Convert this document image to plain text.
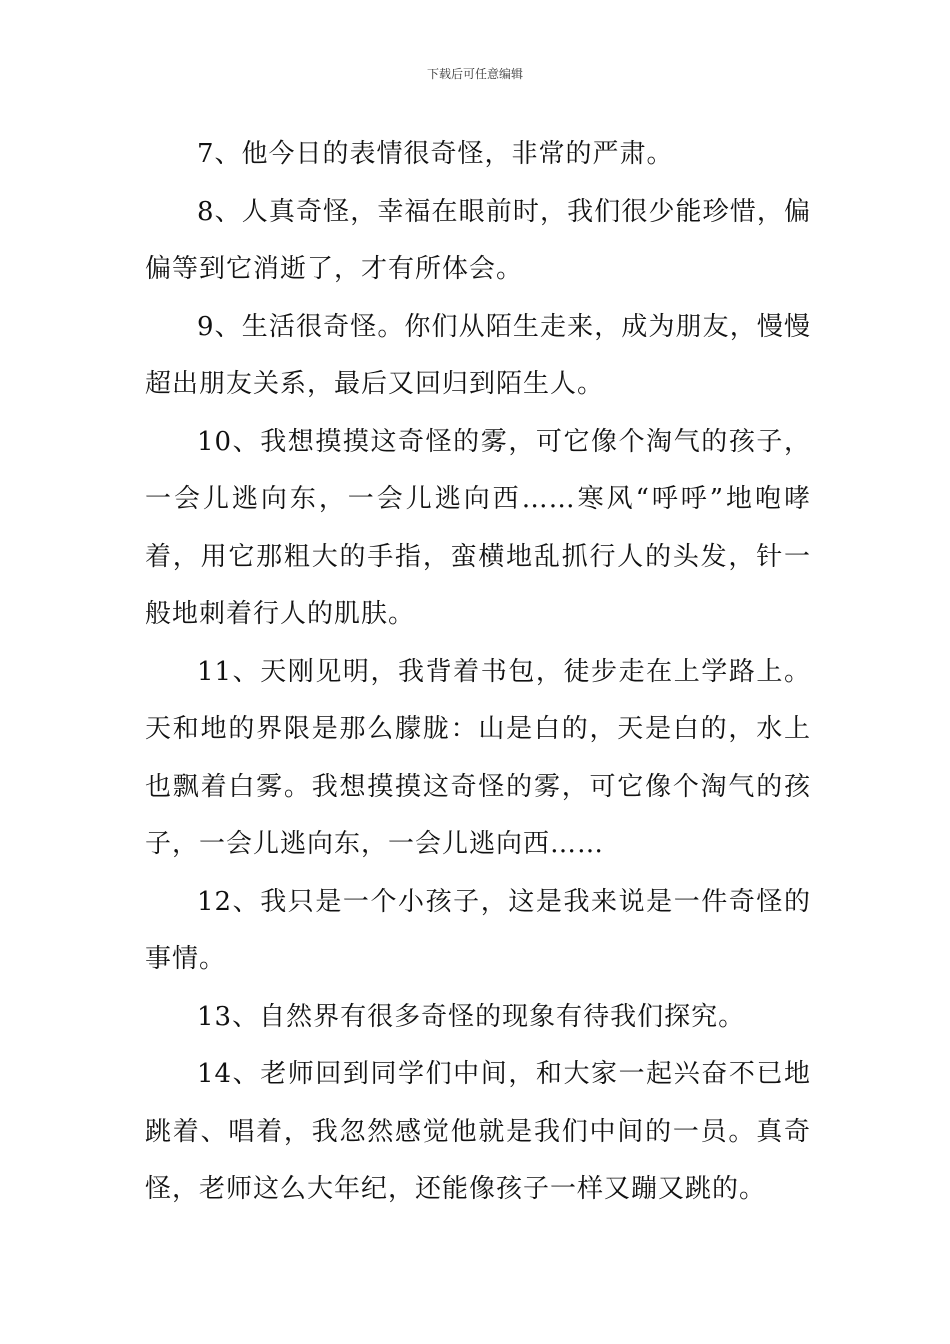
下载后可任意编辑

7、他今日的表情很奇怪，非常的严肃。

8、人真奇怪，幸福在眼前时，我们很少能珍惜，偏偏等到它消逝了，才有所体会。

9、生活很奇怪。你们从陌生走来，成为朋友，慢慢超出朋友关系，最后又回归到陌生人。

10、我想摸摸这奇怪的雾，可它像个淘气的孩子，一会儿逃向东，一会儿逃向西……寒风“呼呼”地咆哮着，用它那粗大的手指，蛮横地乱抓行人的头发，针一般地刺着行人的肌肤。

11、天刚见明，我背着书包，徒步走在上学路上。天和地的界限是那么朦胧：山是白的，天是白的，水上也飘着白雾。我想摸摸这奇怪的雾，可它像个淘气的孩子，一会儿逃向东，一会儿逃向西……

12、我只是一个小孩子，这是我来说是一件奇怪的事情。

13、自然界有很多奇怪的现象有待我们探究。

14、老师回到同学们中间，和大家一起兴奋不已地跳着、唱着，我忽然感觉他就是我们中间的一员。真奇怪，老师这么大年纪，还能像孩子一样又蹦又跳的。
